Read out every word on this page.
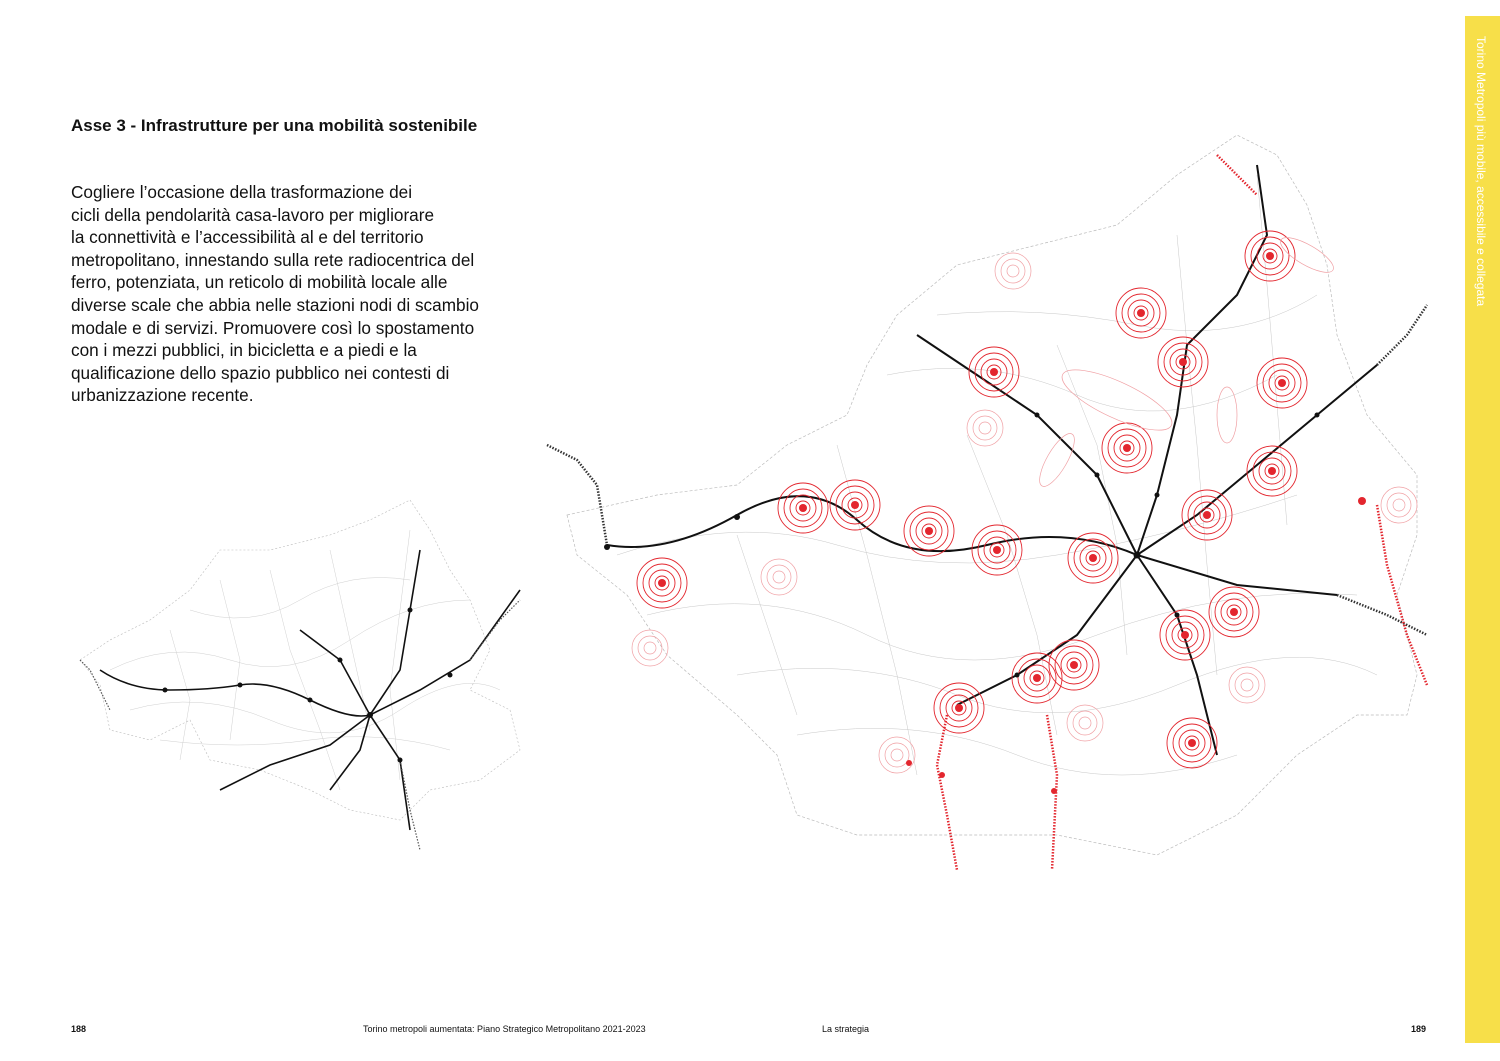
Asse 3 - Infrastrutture per una mobilità sostenibile

Cogliere l’occasione della trasformazione dei
cicli della pendolarità casa-lavoro per migliorare
la connettività e l’accessibilità al e del territorio
metropolitano, innestando sulla rete radiocentrica del
ferro, potenziata, un reticolo di mobilità locale alle
diverse scale che abbia nelle stazioni nodi di scambio
modale e di servizi. Promuovere così lo spostamento
con i mezzi pubblici, in bicicletta e a piedi e la
qualificazione dello spazio pubblico nei contesti di
urbanizzazione recente.

Torino Metropoli più mobile, accessibile e collegata
188	Torino metropoli aumentata: Piano Strategico Metropolitano 2021-2023	La strategia	189
